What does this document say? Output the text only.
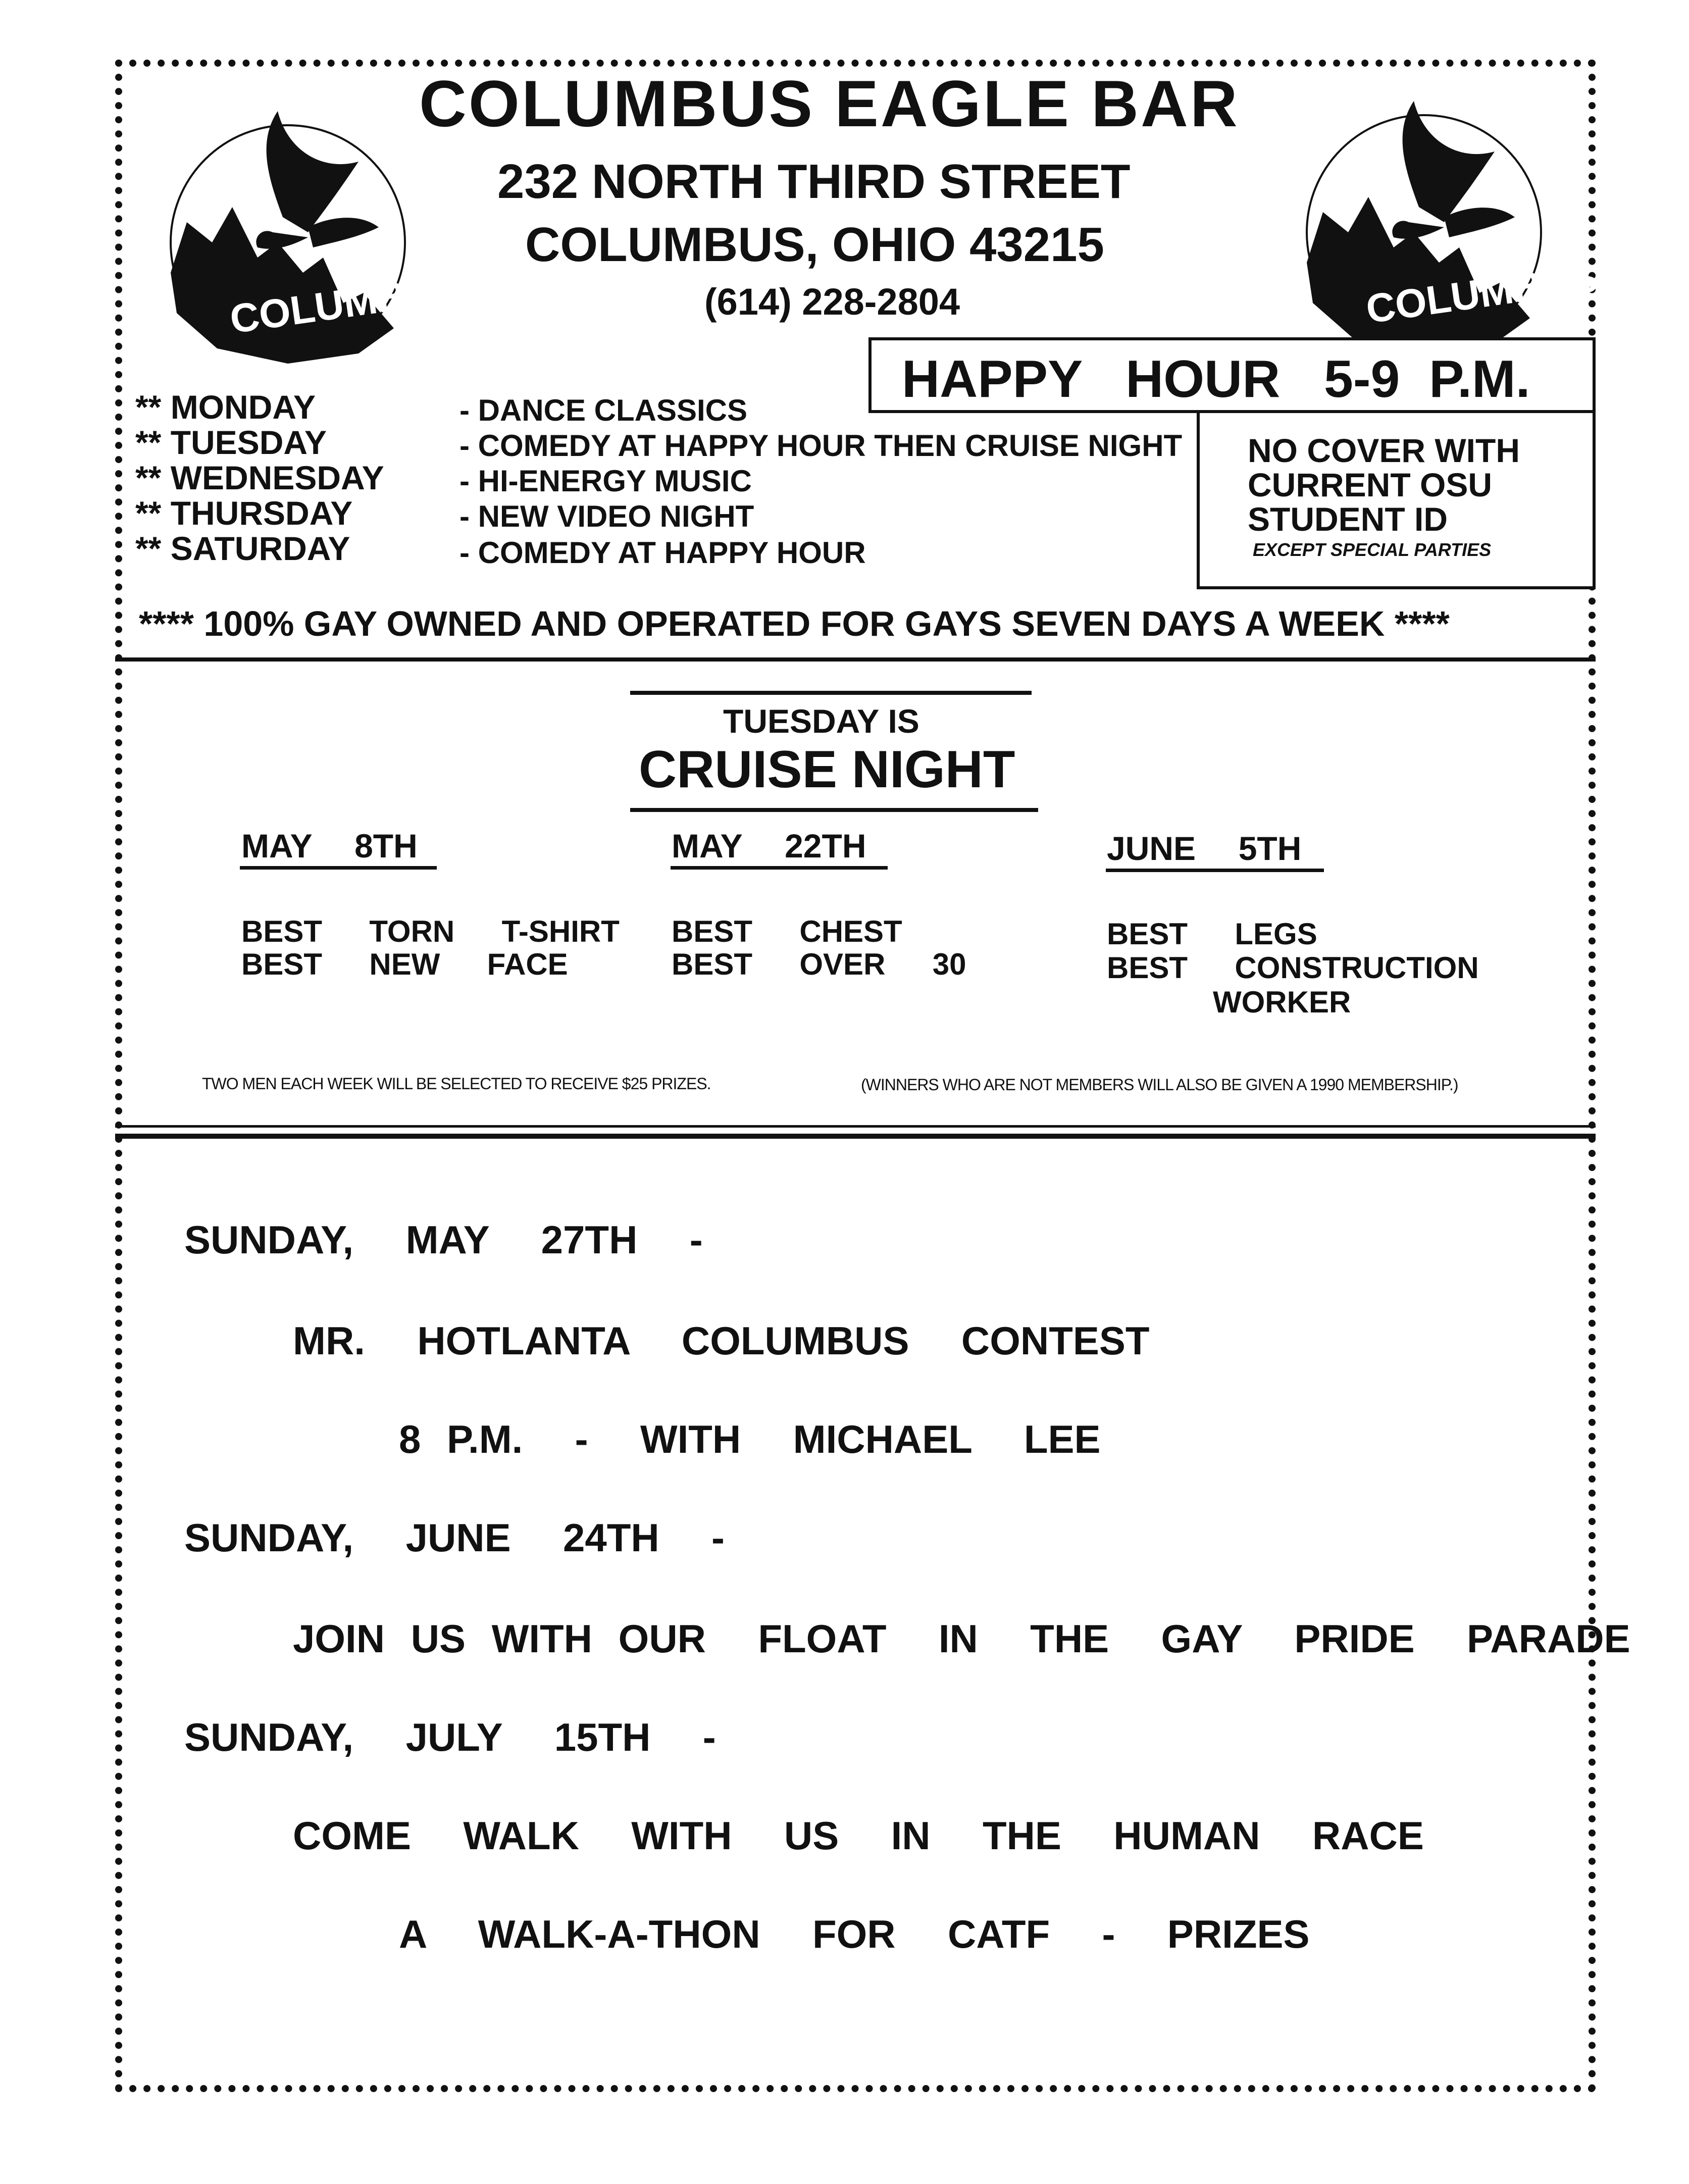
COLUMBUS	COLUMBUS
COLUMBUS EAGLE BAR
232 NORTH THIRD STREET
COLUMBUS, OHIO 43215
(614) 228-2804
HAPPY   HOUR   5-9  P.M.
NO COVER WITH
CURRENT OSU
STUDENT ID
EXCEPT SPECIAL PARTIES
** MONDAY	- DANCE CLASSICS
** TUESDAY	- COMEDY AT HAPPY HOUR THEN CRUISE NIGHT
** WEDNESDAY - HI-ENERGY MUSIC
** THURSDAY	- NEW VIDEO NIGHT
** SATURDAY	- COMEDY AT HAPPY HOUR
**** 100% GAY OWNED AND OPERATED FOR GAYS SEVEN DAYS A WEEK ****
TUESDAY IS
CRUISE NIGHT
MAY  8TH
BEST  TORN  T-SHIRT
BEST  NEW  FACE
MAY  22TH
BEST  CHEST
BEST  OVER  30
JUNE  5TH
BEST  LEGS
BEST  CONSTRUCTION
WORKER
TWO MEN EACH WEEK WILL BE SELECTED TO RECEIVE $25 PRIZES.	(WINNERS WHO ARE NOT MEMBERS WILL ALSO BE GIVEN A 1990 MEMBERSHIP.)
SUNDAY,  MAY  27TH  -
MR.  HOTLANTA  COLUMBUS  CONTEST
8 P.M.  -  WITH  MICHAEL  LEE
SUNDAY,  JUNE  24TH  -
JOIN US WITH OUR  FLOAT  IN  THE  GAY  PRIDE  PARADE
SUNDAY,  JULY  15TH  -
COME  WALK  WITH  US  IN  THE  HUMAN  RACE
A  WALK-A-THON  FOR  CATF  -  PRIZES
